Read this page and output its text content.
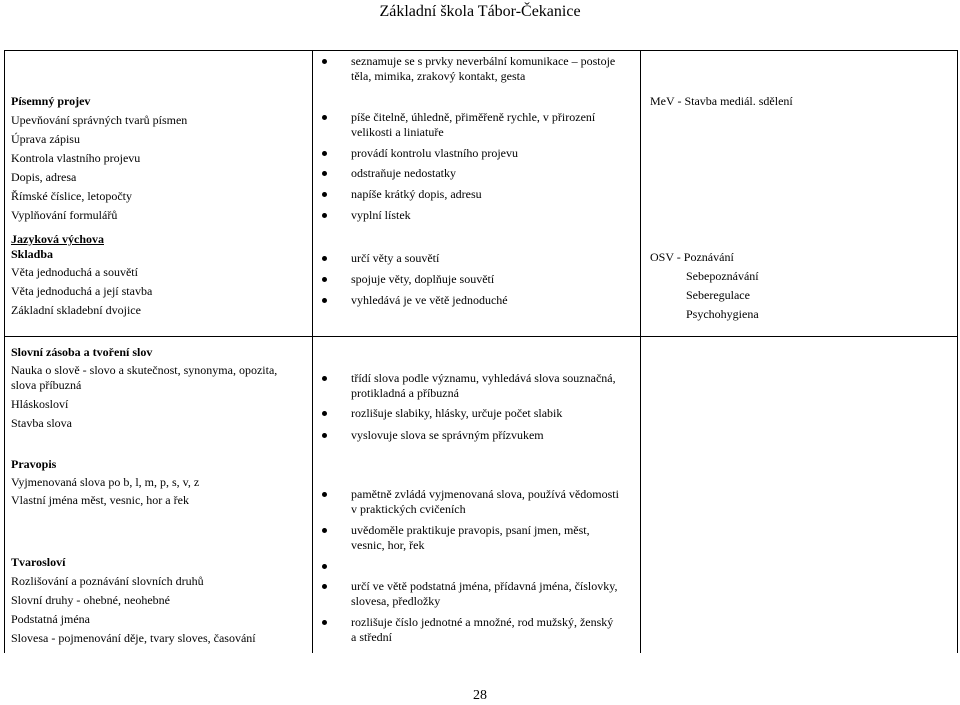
Základní škola Tábor-Čekanice
Písemný projev
Upevňování správných tvarů písmen
Úprava zápisu
Kontrola vlastního projevu
Dopis, adresa
Římské číslice, letopočty
Vyplňování formulářů
Jazyková výchova
Skladba
Věta jednoduchá a souvětí
Věta jednoduchá a její stavba
Základní skladební dvojice
Slovní zásoba a tvoření slov
Nauka o slově - slovo a skutečnost, synonyma, opozita,
slova příbuzná
Hláskosloví
Stavba slova
Pravopis
Vyjmenovaná slova po b, l, m, p, s, v, z
Vlastní jména měst, vesnic, hor a řek
Tvarosloví
Rozlišování a poznávání slovních druhů
Slovní druhy - ohebné, neohebné
Podstatná jména
Slovesa - pojmenování děje, tvary sloves, časování
seznamuje se s prvky neverbální komunikace – postoje těla, mimika, zrakový kontakt, gesta
píše čitelně, úhledně, přiměřeně rychle, v přirození velikosti a liniatuře
provádí kontrolu vlastního projevu
odstraňuje nedostatky
napíše krátký dopis, adresu
vyplní lístek
určí věty a souvětí
spojuje věty, doplňuje souvětí
vyhledává je ve větě jednoduché
třídí slova podle významu, vyhledává slova souznačná, protikladná a příbuzná
rozlišuje slabiky, hlásky, určuje počet slabik
vyslovuje slova se správným přízvukem
pamětně zvládá vyjmenovaná slova, používá vědomosti v praktických cvičeních
uvědoměle praktikuje pravopis, psaní jmen, měst, vesnic, hor, řek
určí ve větě podstatná jména, přídavná jména, číslovky, slovesa, předložky
rozlišuje číslo jednotné a množné, rod mužský, ženský a střední
MeV - Stavba mediál. sdělení
OSV - Poznávání
Sebepoznávání
Seberegulace
Psychohygiena
28
